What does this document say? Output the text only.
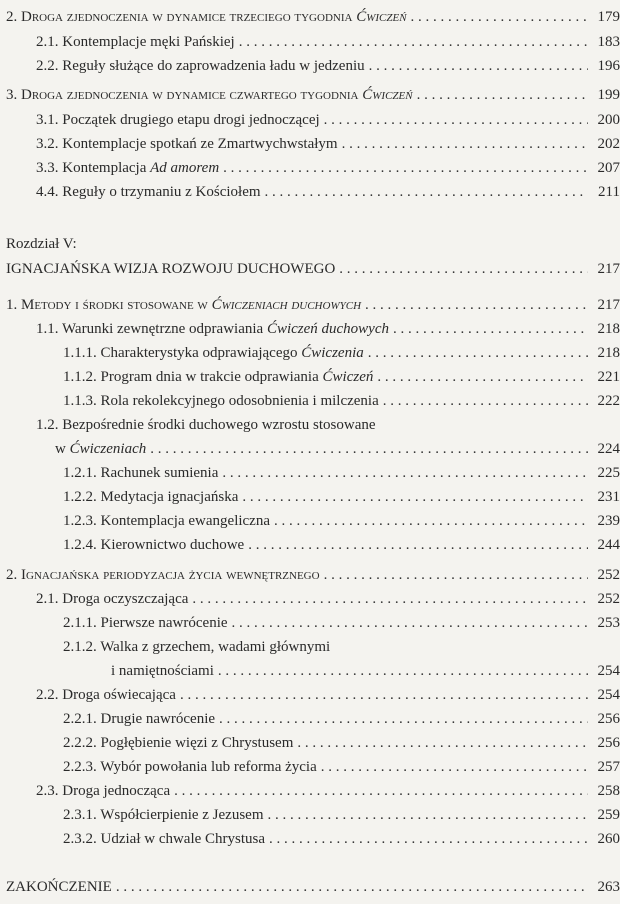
2. Droga zjednoczenia w dynamice trzeciego tygodnia Ćwiczeń . . .	179
2.1. Kontemplacje męki Pańskiej . . .	183
2.2. Reguły służące do zaprowadzenia ładu w jedzeniu . . .	196
3. Droga zjednoczenia w dynamice czwartego tygodnia Ćwiczeń . . .	199
3.1. Początek drugiego etapu drogi jednoczącej . . .	200
3.2. Kontemplacje spotkań ze Zmartwychwstałym . . .	202
3.3. Kontemplacja Ad amorem . . .	207
4.4. Reguły o trzymaniu z Kościołem . . .	211
Rozdział V:
IGNACJAŃSKA WIZJA ROZWOJU DUCHOWEGO . . .	217
1. Metody i środki stosowane w Ćwiczeniach duchowych . . .	217
1.1. Warunki zewnętrzne odprawiania Ćwiczeń duchowych . . .	218
1.1.1. Charakterystyka odprawiającego Ćwiczenia . . .	218
1.1.2. Program dnia w trakcie odprawiania Ćwiczeń . . .	221
1.1.3. Rola rekolekcyjnego odosobnienia i milczenia . . .	222
1.2. Bezpośrednie środki duchowego wzrostu stosowane
w Ćwiczeniach . . .	224
1.2.1. Rachunek sumienia . . .	225
1.2.2. Medytacja ignacjańska . . .	231
1.2.3. Kontemplacja ewangeliczna . . .	239
1.2.4. Kierownictwo duchowe . . .	244
2. Ignacjańska periodyzacja życia wewnętrznego . . .	252
2.1. Droga oczyszczająca . . .	252
2.1.1. Pierwsze nawrócenie . . .	253
2.1.2. Walka z grzechem, wadami głównymi
i namiętnościami . . .	254
2.2. Droga oświecająca . . .	254
2.2.1. Drugie nawrócenie . . .	256
2.2.2. Pogłębienie więzi z Chrystusem . . .	256
2.2.3. Wybór powołania lub reforma życia . . .	257
2.3. Droga jednocząca . . .	258
2.3.1. Współcierpienie z Jezusem . . .	259
2.3.2. Udział w chwale Chrystusa . . .	260
ZAKOŃCZENIE . . .	263
